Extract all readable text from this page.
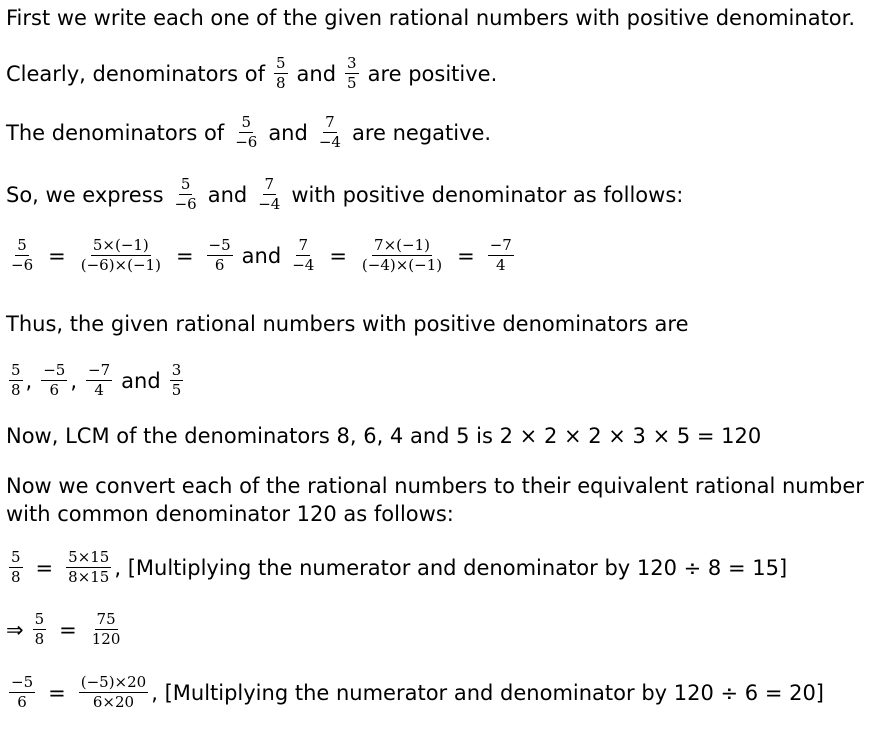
First we write each one of the given rational numbers with positive denominator.
Clearly, denominators of $\frac{5}{8}$ and $\frac{3}{5}$ are positive.
The denominators of $\frac{5}{-6}$ and $\frac{7}{-4}$ are negative.
So, we express $\frac{5}{-6}$ and $\frac{7}{-4}$ with positive denominator as follows:
$\frac{5}{-6} = \frac{5\times(-1)}{(-6)\times(-1)} = \frac{-5}{6}$ and $\frac{7}{-4} = \frac{7\times(-1)}{(-4)\times(-1)} = \frac{-7}{4}$
Thus, the given rational numbers with positive denominators are
$\frac{5}{8}$ , $\frac{-5}{6}$ , $\frac{-7}{4}$ and $\frac{3}{5}$
Now, LCM of the denominators 8, 6, 4 and 5 is 2 × 2 × 2 × 3 × 5 = 120
Now we convert each of the rational numbers to their equivalent rational number
with common denominator 120 as follows:
$\frac{5}{8} = \frac{5\times 15}{8\times 15}$ , [Multiplying the numerator and denominator by 120 ÷ 8 = 15]
⇒ $\frac{5}{8} = \frac{75}{120}$
$\frac{-5}{6} = \frac{(-5)\times 20}{6\times 20}$ , [Multiplying the numerator and denominator by 120 ÷ 6 = 20]
